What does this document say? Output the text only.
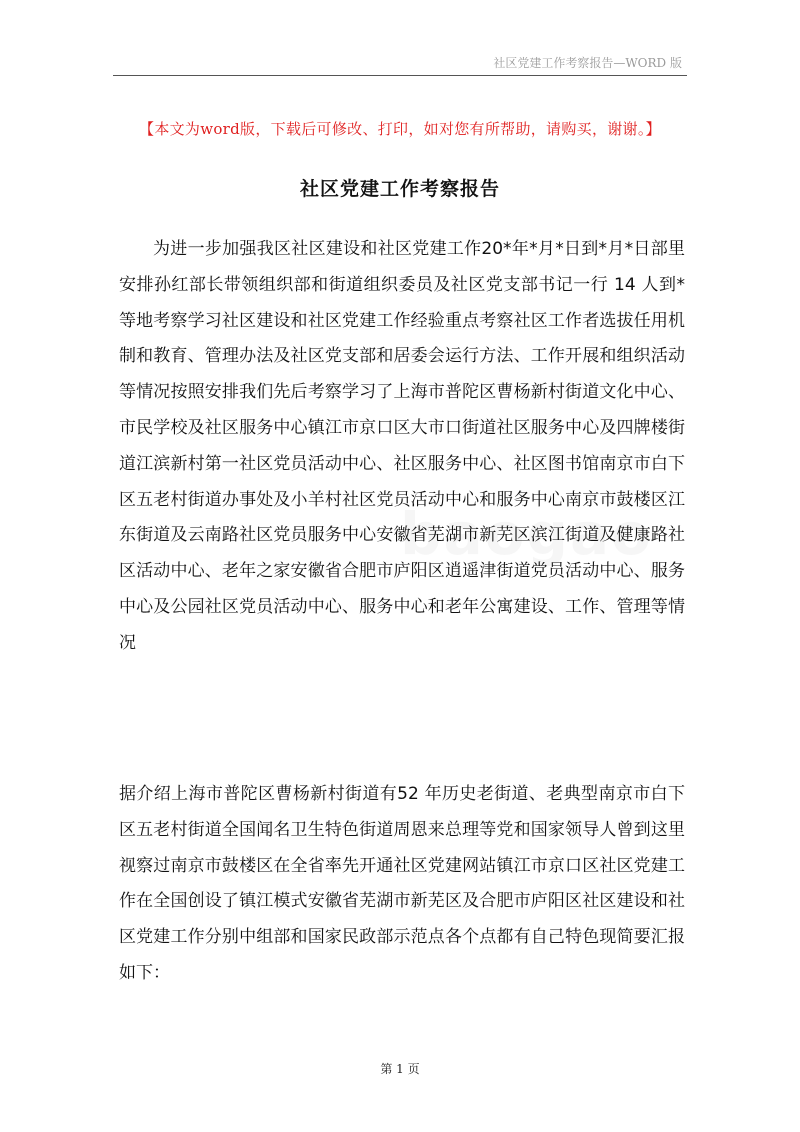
社区党建工作考察报告—WORD 版
【本文为word版，下载后可修改、打印，如对您有所帮助，请购买，谢谢。】
社区党建工作考察报告
为进一步加强我区社区建设和社区党建工作20*年*月*日到*月*日部里安排孙红部长带领组织部和街道组织委员及社区党支部书记一行 14 人到*等地考察学习社区建设和社区党建工作经验重点考察社区工作者选拔任用机制和教育、管理办法及社区党支部和居委会运行方法、工作开展和组织活动等情况按照安排我们先后考察学习了上海市普陀区曹杨新村街道文化中心、市民学校及社区服务中心镇江市京口区大市口街道社区服务中心及四牌楼街道江滨新村第一社区党员活动中心、社区服务中心、社区图书馆南京市白下区五老村街道办事处及小羊村社区党员活动中心和服务中心南京市鼓楼区江东街道及云南路社区党员服务中心安徽省芜湖市新芜区滨江街道及健康路社区活动中心、老年之家安徽省合肥市庐阳区逍遥津街道党员活动中心、服务中心及公园社区党员活动中心、服务中心和老年公寓建设、工作、管理等情况
据介绍上海市普陀区曹杨新村街道有52 年历史老街道、老典型南京市白下区五老村街道全国闻名卫生特色街道周恩来总理等党和国家领导人曾到这里视察过南京市鼓楼区在全省率先开通社区党建网站镇江市京口区社区党建工作在全国创设了镇江模式安徽省芜湖市新芜区及合肥市庐阳区社区建设和社区党建工作分别中组部和国家民政部示范点各个点都有自己特色现简要汇报如下：
第 1 页
